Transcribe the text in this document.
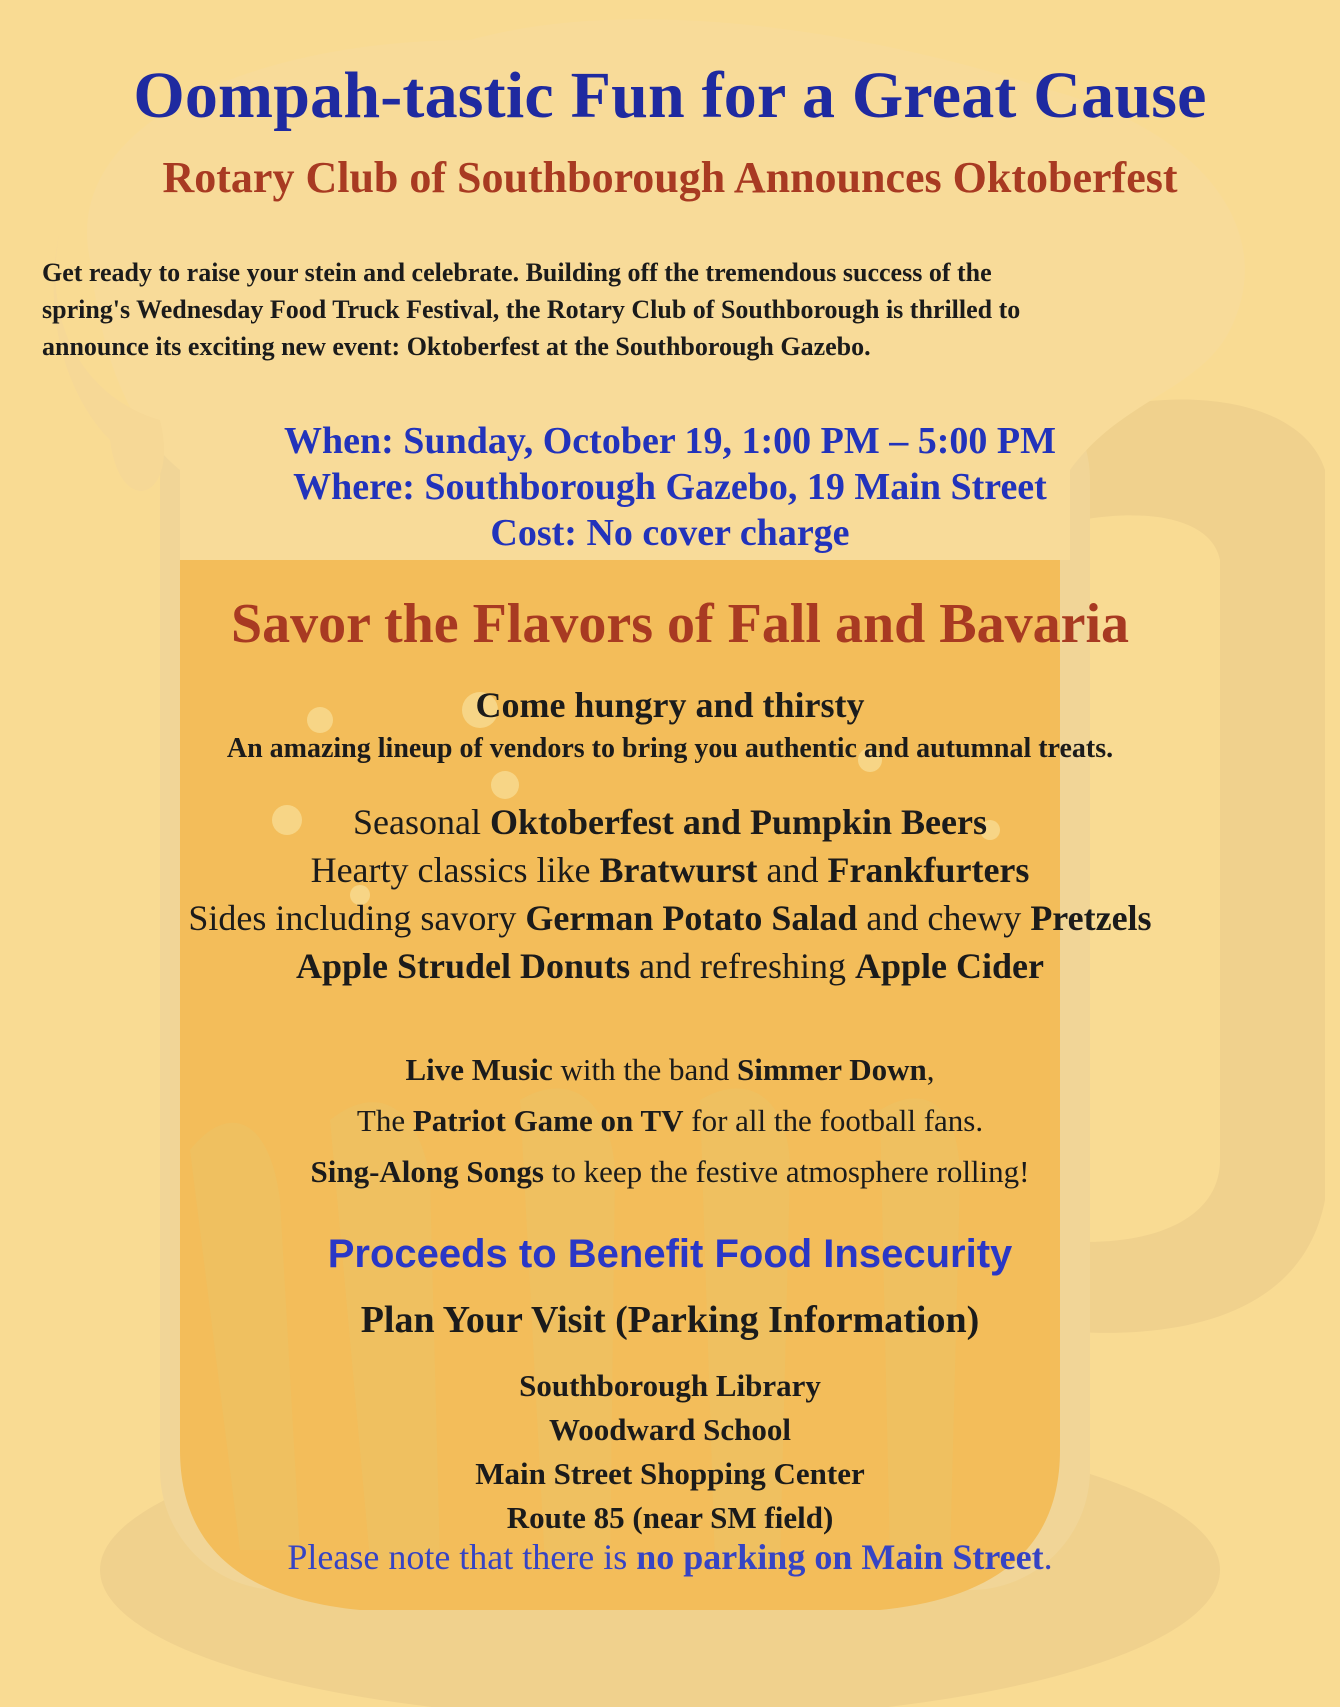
Oompah-tastic Fun for a Great Cause
Rotary Club of Southborough Announces Oktoberfest
Get ready to raise your stein and celebrate. Building off the tremendous success of the
spring's Wednesday Food Truck Festival, the Rotary Club of Southborough is thrilled to
announce its exciting new event: Oktoberfest at the Southborough Gazebo.
When: Sunday, October 19, 1:00 PM – 5:00 PM
Where: Southborough Gazebo, 19 Main Street
Cost: No cover charge
Savor the Flavors of Fall and Bavaria
Come hungry and thirsty
An amazing lineup of vendors to bring you authentic and autumnal treats.
Seasonal Oktoberfest and Pumpkin Beers
Hearty classics like Bratwurst and Frankfurters
Sides including savory German Potato Salad and chewy Pretzels
Apple Strudel Donuts and refreshing Apple Cider
Live Music with the band Simmer Down,
The Patriot Game on TV for all the football fans.
Sing-Along Songs to keep the festive atmosphere rolling!
Proceeds to Benefit Food Insecurity
Plan Your Visit (Parking Information)
Southborough Library
Woodward School
Main Street Shopping Center
Route 85 (near SM field)
Please note that there is no parking on Main Street.
